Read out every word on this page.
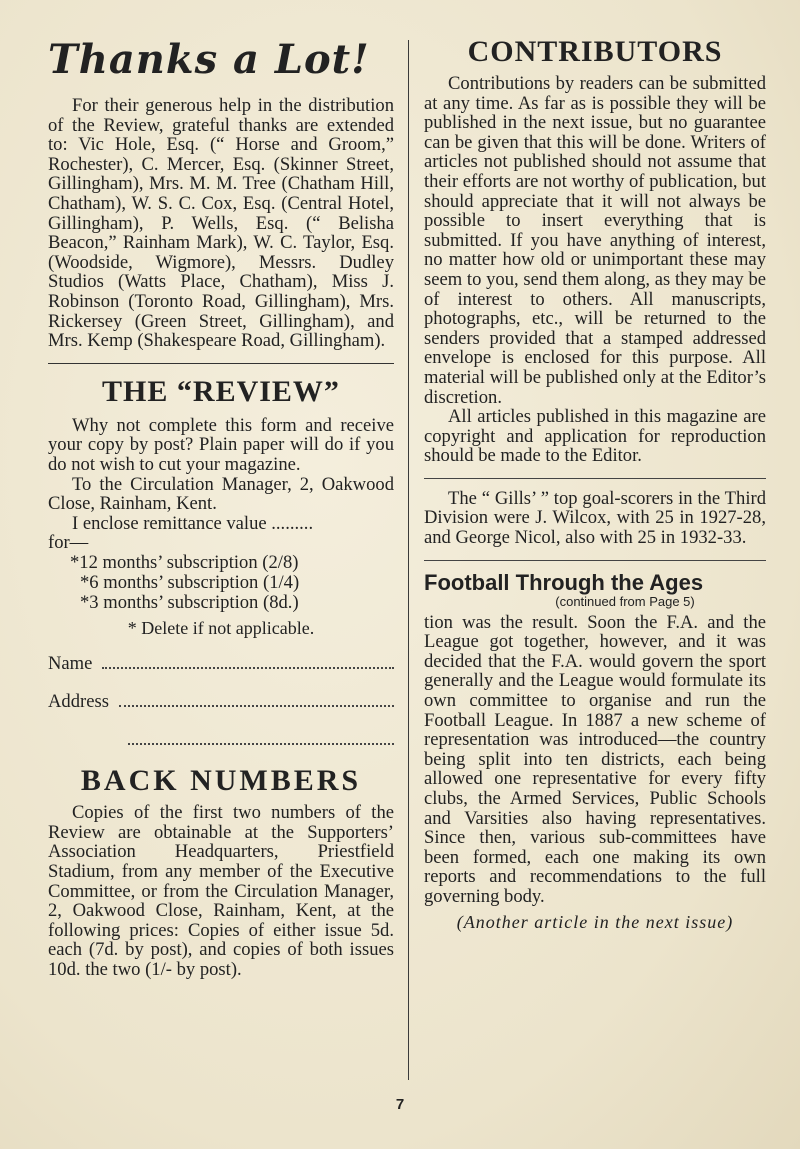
Thanks a Lot!

For their generous help in the distribution of the Review, grateful thanks are extended to: Vic Hole, Esq. (“ Horse and Groom,” Rochester), C. Mercer, Esq. (Skinner Street, Gillingham), Mrs. M. M. Tree (Chatham Hill, Chatham), W. S. C. Cox, Esq. (Central Hotel, Gillingham), P. Wells, Esq. (“ Belisha Beacon,” Rainham Mark), W. C. Taylor, Esq. (Woodside, Wigmore), Messrs. Dudley Studios (Watts Place, Chatham), Miss J. Robinson (Toronto Road, Gillingham), Mrs. Rickersey (Green Street, Gillingham), and Mrs. Kemp (Shakespeare Road, Gillingham).

THE “REVIEW”

Why not complete this form and receive your copy by post? Plain paper will do if you do not wish to cut your magazine.

To the Circulation Manager, 2, Oakwood Close, Rainham, Kent.

I enclose remittance value .........

for—
*12 months’ subscription (2/8)
*6 months’ subscription (1/4)
*3 months’ subscription (8d.)
* Delete if not applicable.
Name
Address
BACK NUMBERS

Copies of the first two numbers of the Review are obtainable at the Supporters’ Association Headquarters, Priestfield Stadium, from any member of the Executive Committee, or from the Circulation Manager, 2, Oakwood Close, Rainham, Kent, at the following prices: Copies of either issue 5d. each (7d. by post), and copies of both issues 10d. the two (1/- by post).

CONTRIBUTORS

Contributions by readers can be submitted at any time. As far as is possible they will be published in the next issue, but no guarantee can be given that this will be done. Writers of articles not published should not assume that their efforts are not worthy of publication, but should appreciate that it will not always be possible to insert everything that is submitted. If you have anything of interest, no matter how old or unimportant these may seem to you, send them along, as they may be of interest to others. All manuscripts, photographs, etc., will be returned to the senders provided that a stamped addressed envelope is enclosed for this purpose. All material will be published only at the Editor’s discretion.

All articles published in this magazine are copyright and application for reproduction should be made to the Editor.

The “ Gills’ ” top goal-scorers in the Third Division were J. Wilcox, with 25 in 1927-28, and George Nicol, also with 25 in 1932-33.

Football Through the Ages
(continued from Page 5)

tion was the result. Soon the F.A. and the League got together, however, and it was decided that the F.A. would govern the sport generally and the League would formulate its own committee to organise and run the Football League. In 1887 a new scheme of representation was introduced—the country being split into ten districts, each being allowed one representative for every fifty clubs, the Armed Services, Public Schools and Varsities also having representatives. Since then, various sub-committees have been formed, each one making its own reports and recommendations to the full governing body.

(Another article in the next issue)
7
